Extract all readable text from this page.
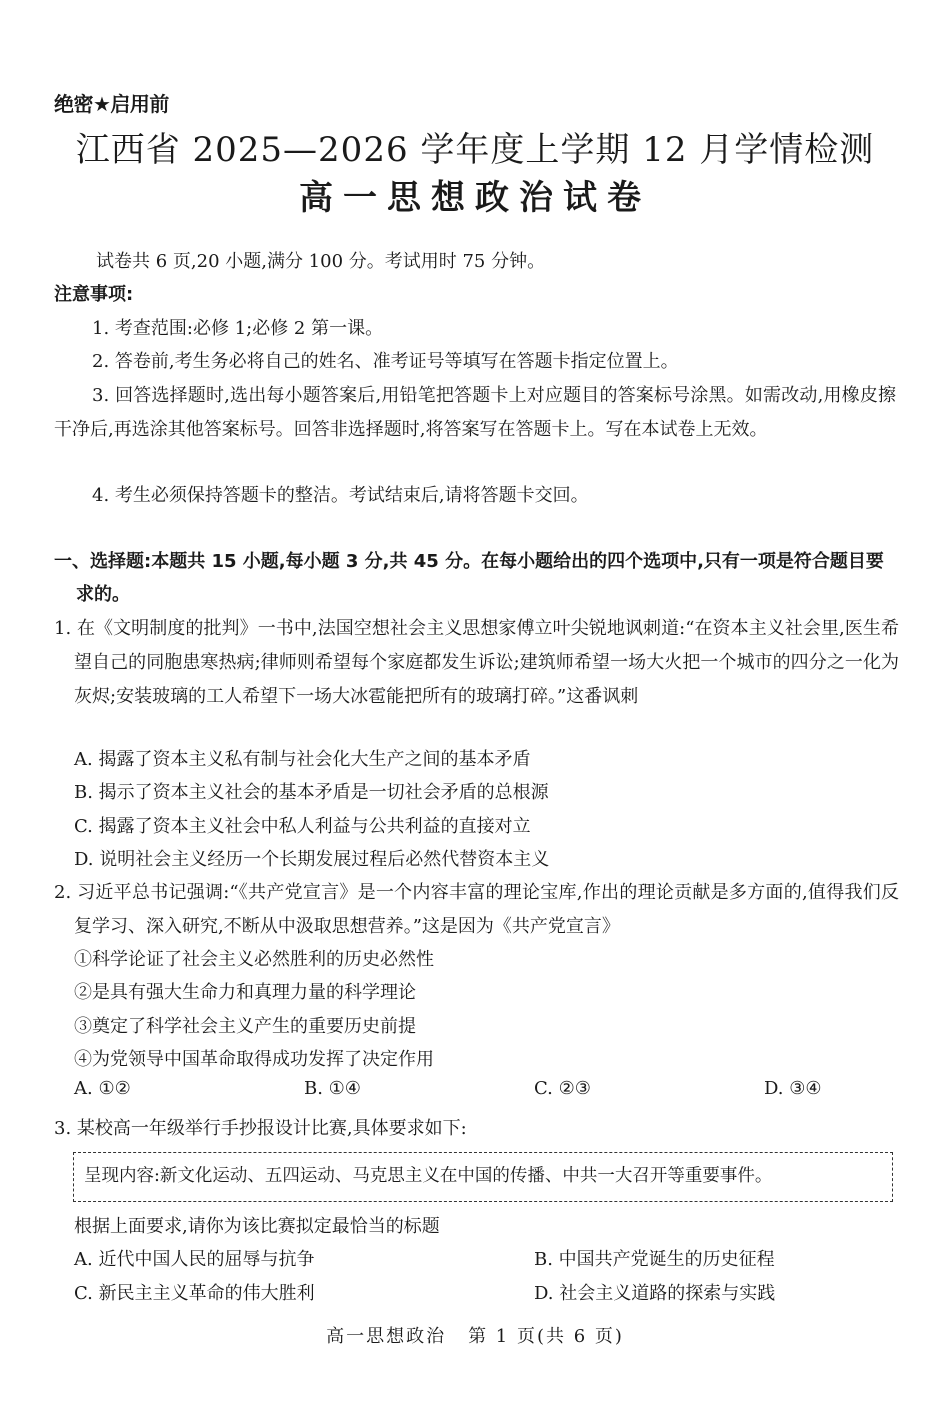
绝密★启用前
江西省 2025—2026 学年度上学期 12 月学情检测
高一思想政治试卷
试卷共 6 页,20 小题,满分 100 分。考试用时 75 分钟。
注意事项:
1. 考查范围:必修 1;必修 2 第一课。
2. 答卷前,考生务必将自己的姓名、准考证号等填写在答题卡指定位置上。
3. 回答选择题时,选出每小题答案后,用铅笔把答题卡上对应题目的答案标号涂黑。如需改动,用橡皮擦干净后,再选涂其他答案标号。回答非选择题时,将答案写在答题卡上。写在本试卷上无效。
4. 考生必须保持答题卡的整洁。考试结束后,请将答题卡交回。
一、选择题:本题共 15 小题,每小题 3 分,共 45 分。在每小题给出的四个选项中,只有一项是符合题目要求的。
1. 在《文明制度的批判》一书中,法国空想社会主义思想家傅立叶尖锐地讽刺道:“在资本主义社会里,医生希望自己的同胞患寒热病;律师则希望每个家庭都发生诉讼;建筑师希望一场大火把一个城市的四分之一化为灰烬;安装玻璃的工人希望下一场大冰雹能把所有的玻璃打碎。”这番讽刺
A. 揭露了资本主义私有制与社会化大生产之间的基本矛盾
B. 揭示了资本主义社会的基本矛盾是一切社会矛盾的总根源
C. 揭露了资本主义社会中私人利益与公共利益的直接对立
D. 说明社会主义经历一个长期发展过程后必然代替资本主义
2. 习近平总书记强调:“《共产党宣言》是一个内容丰富的理论宝库,作出的理论贡献是多方面的,值得我们反复学习、深入研究,不断从中汲取思想营养。”这是因为《共产党宣言》
①科学论证了社会主义必然胜利的历史必然性
②是具有强大生命力和真理力量的科学理论
③奠定了科学社会主义产生的重要历史前提
④为党领导中国革命取得成功发挥了决定作用
A. ①②	B. ①④	C. ②③	D. ③④
3. 某校高一年级举行手抄报设计比赛,具体要求如下:
呈现内容:新文化运动、五四运动、马克思主义在中国的传播、中共一大召开等重要事件。
根据上面要求,请你为该比赛拟定最恰当的标题
A. 近代中国人民的屈辱与抗争	B. 中国共产党诞生的历史征程
C. 新民主主义革命的伟大胜利	D. 社会主义道路的探索与实践
高一思想政治 第 1 页(共 6 页)
